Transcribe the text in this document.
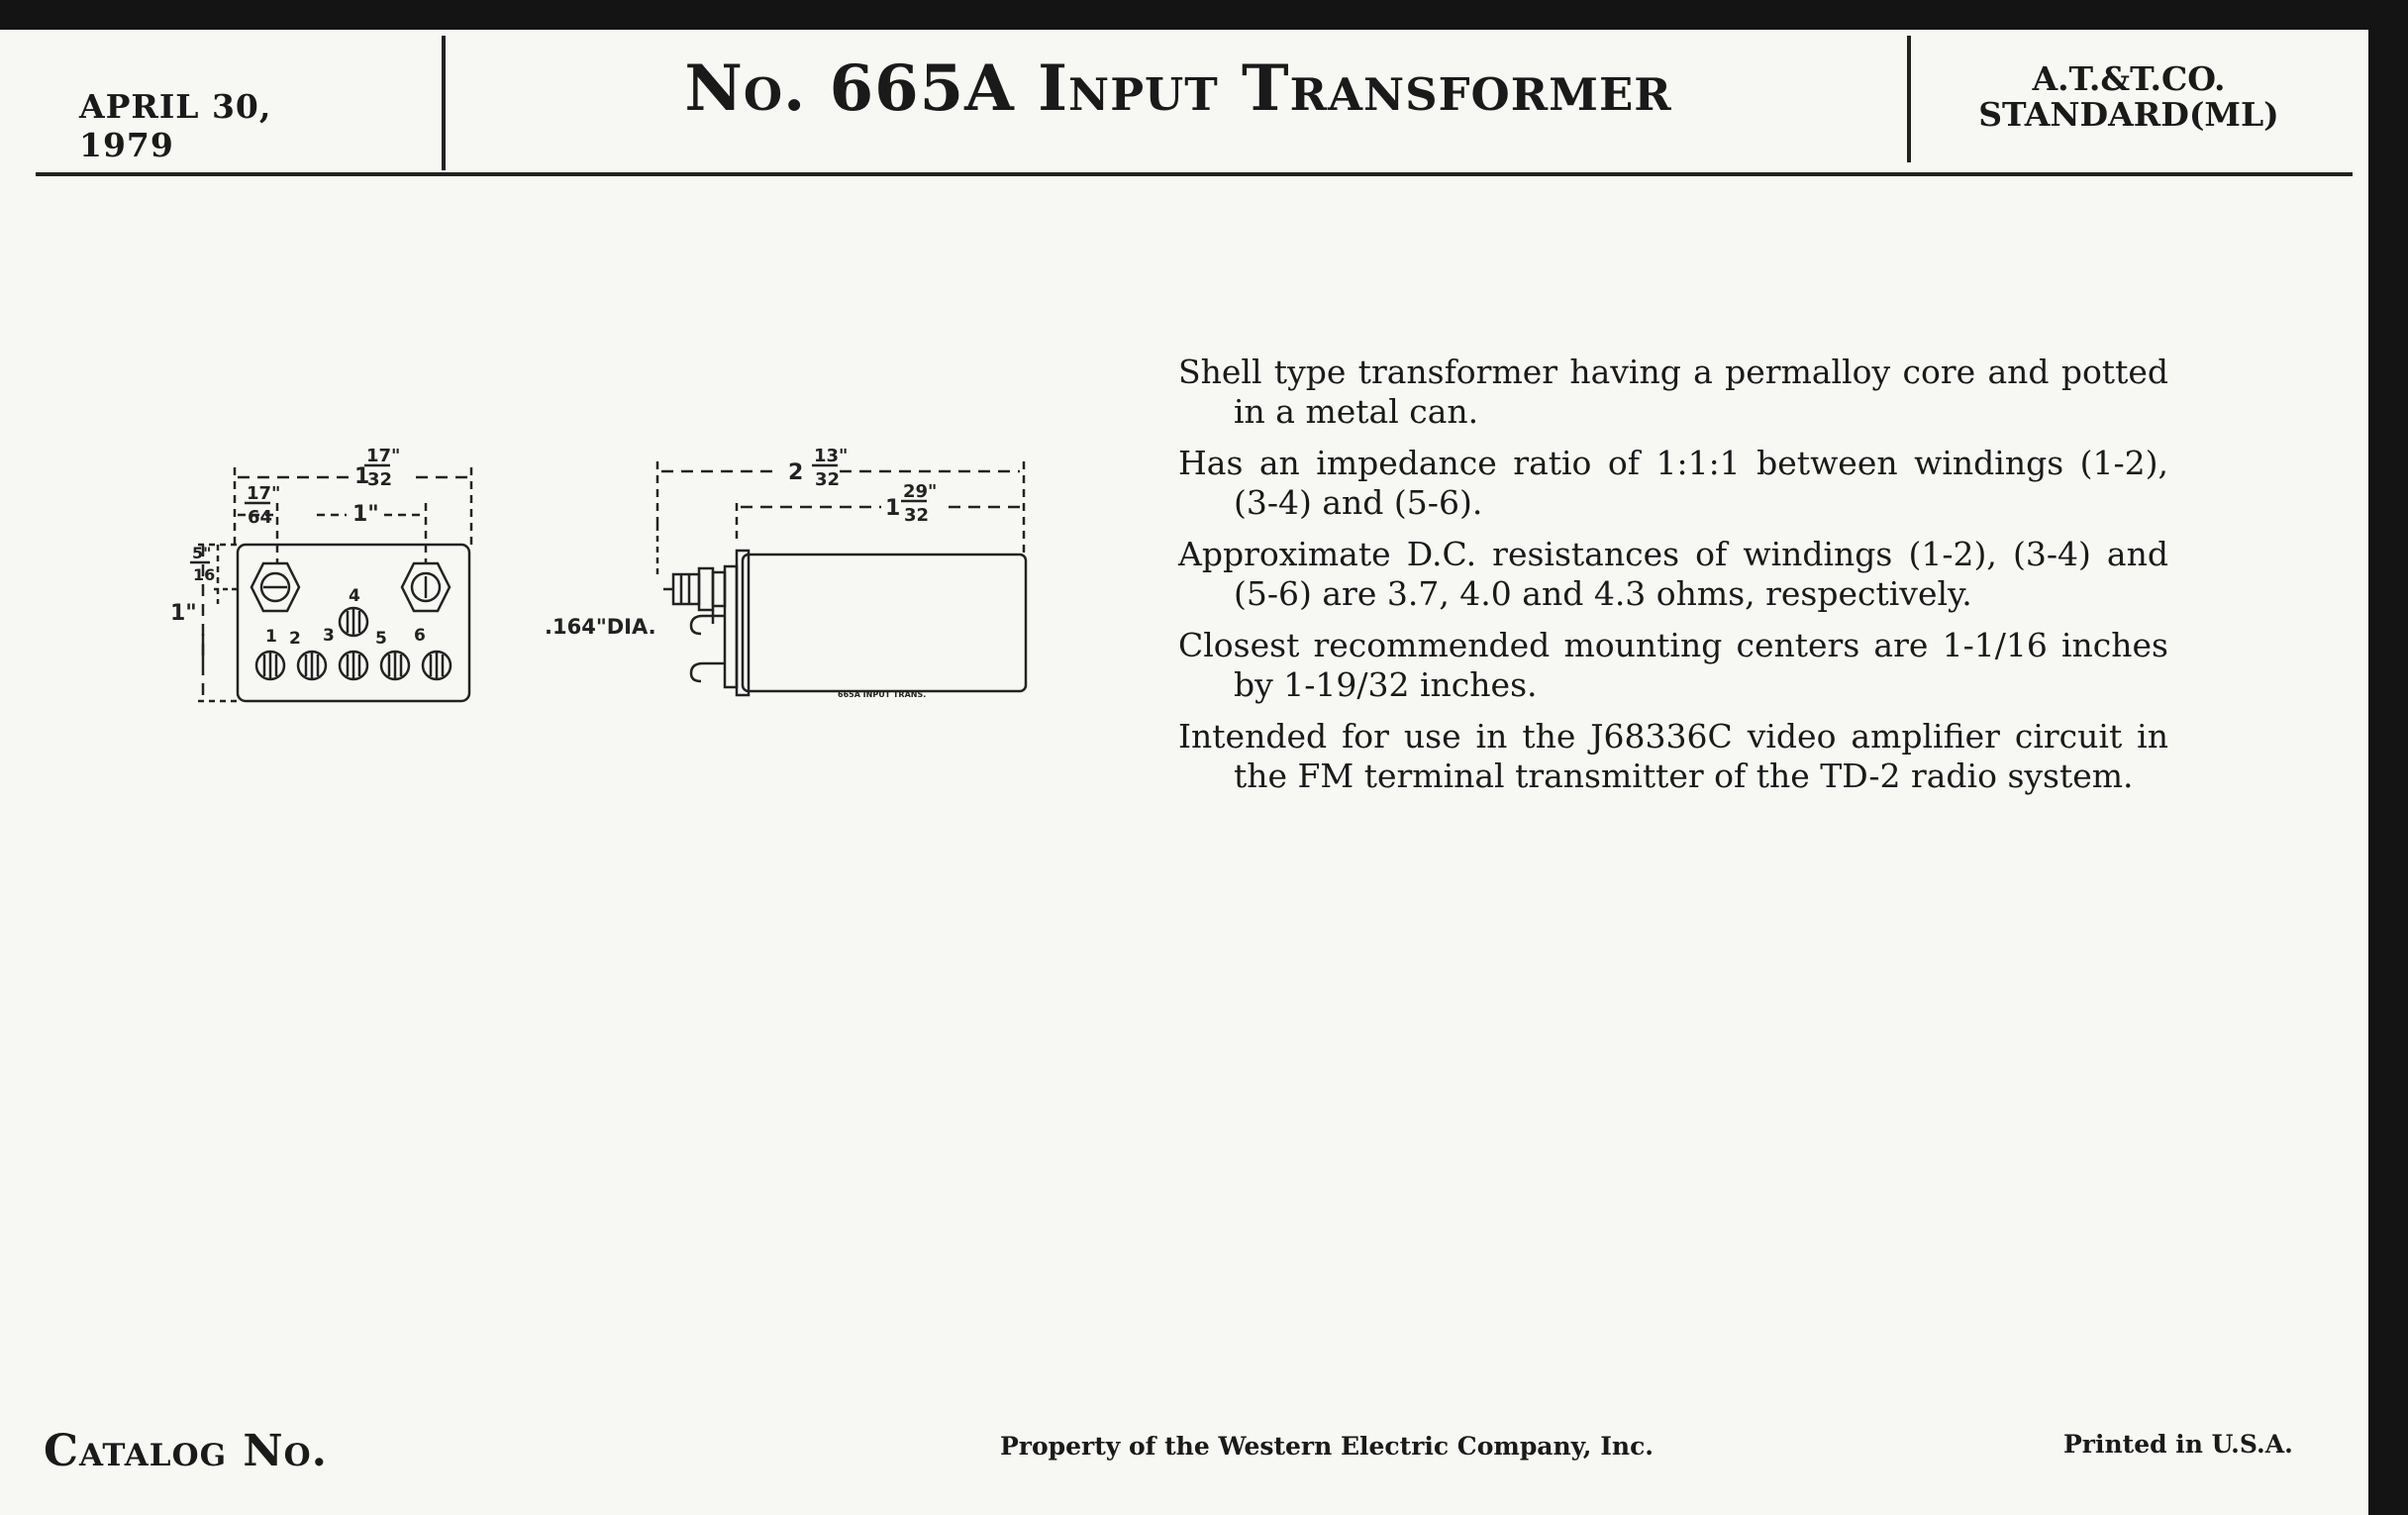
APRIL 30, 1979
No. 665A Input Transformer	A.T.&T.CO.
STANDARD(ML)
17"
32
1
17"
64	1"
5"
16
1"
1 2 3
4
5 6
2
13"
32
1
29"
32
.164"DIA.
665A INPUT TRANS.

Shell type transformer having a permalloy core and potted in a metal can.

Has an impedance ratio of 1:1:1 between windings (1-2), (3-4) and (5-6).

Approximate D.C. resistances of windings (1-2), (3-4) and (5-6) are 3.7, 4.0 and 4.3 ohms, respectively.

Closest recommended mounting centers are 1-1/16 inches by 1-19/32 inches.

Intended for use in the J68336C video amplifier circuit in the FM terminal transmitter of the TD-2 radio system.

Catalog No.	Property of the Western Electric Company, Inc.	Printed in U.S.A.
